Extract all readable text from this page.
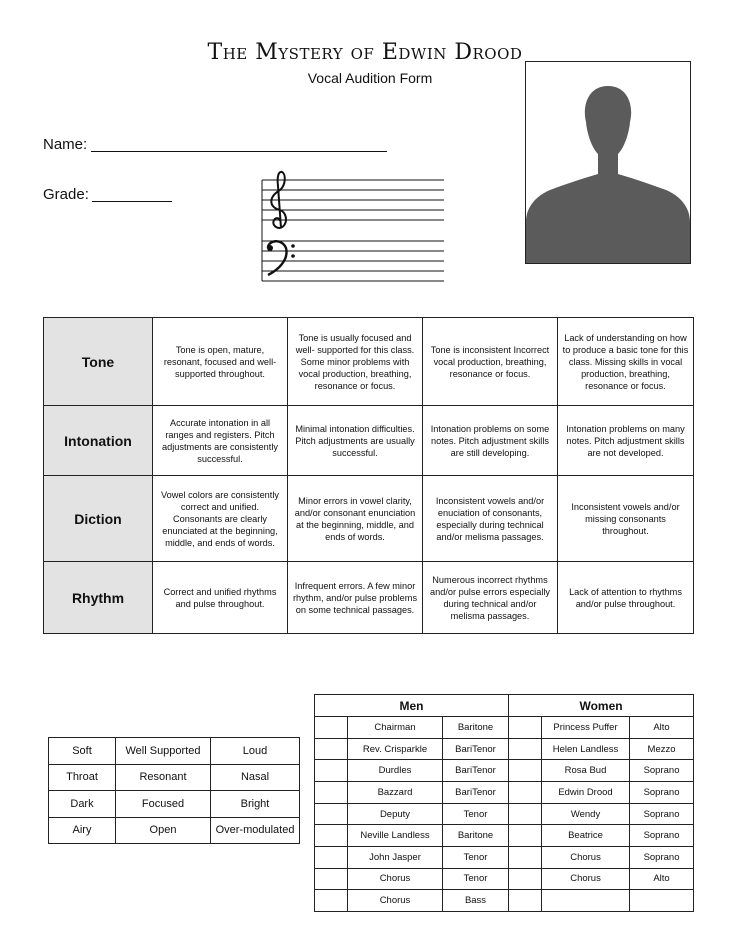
The Mystery of Edwin Drood
Vocal Audition Form
Name:
Grade:
Tone	Tone is open, mature, resonant, focused and well-supported throughout.	Tone is usually focused and well- supported for this class. Some minor problems with vocal production, breathing, resonance or focus.	Tone is inconsistent Incorrect vocal production, breathing, resonance or focus.	Lack of understanding on how to produce a basic tone for this class. Missing skills in vocal production, breathing, resonance or focus.
Intonation	Accurate intonation in all ranges and registers. Pitch adjustments are consistently successful.	Minimal intonation difficulties. Pitch adjustments are usually successful.	Intonation problems on some notes. Pitch adjustment skills are still developing.	Intonation problems on many notes. Pitch adjustment skills are not developed.
Diction	Vowel colors are consistently correct and unified. Consonants are clearly enunciated at the beginning, middle, and ends of words.	Minor errors in vowel clarity, and/or consonant enunciation at the beginning, middle, and ends of words.	Inconsistent vowels and/or enuciation of consonants, especially during technical and/or melisma passages.	Inconsistent vowels and/or missing consonants throughout.
Rhythm	Correct and unified rhythms and pulse throughout.	Infrequent errors. A few minor rhythm, and/or pulse problems on some technical passages.	Numerous incorrect rhythms and/or pulse errors especially during technical and/or melisma passages.	Lack of attention to rhythms and/or pulse throughout.
Soft	Well Supported	Loud
Throat	Resonant	Nasal
Dark	Focused	Bright
Airy	Open	Over-modulated
Men			Women		
	Chairman	Baritone		Princess Puffer	Alto
	Rev. Crisparkle	BariTenor		Helen Landless	Mezzo
	Durdles	BariTenor		Rosa Bud	Soprano
	Bazzard	BariTenor		Edwin Drood	Soprano
	Deputy	Tenor		Wendy	Soprano
	Neville Landless	Baritone		Beatrice	Soprano
	John Jasper	Tenor		Chorus	Soprano
	Chorus	Tenor		Chorus	Alto
	Chorus	Bass			
